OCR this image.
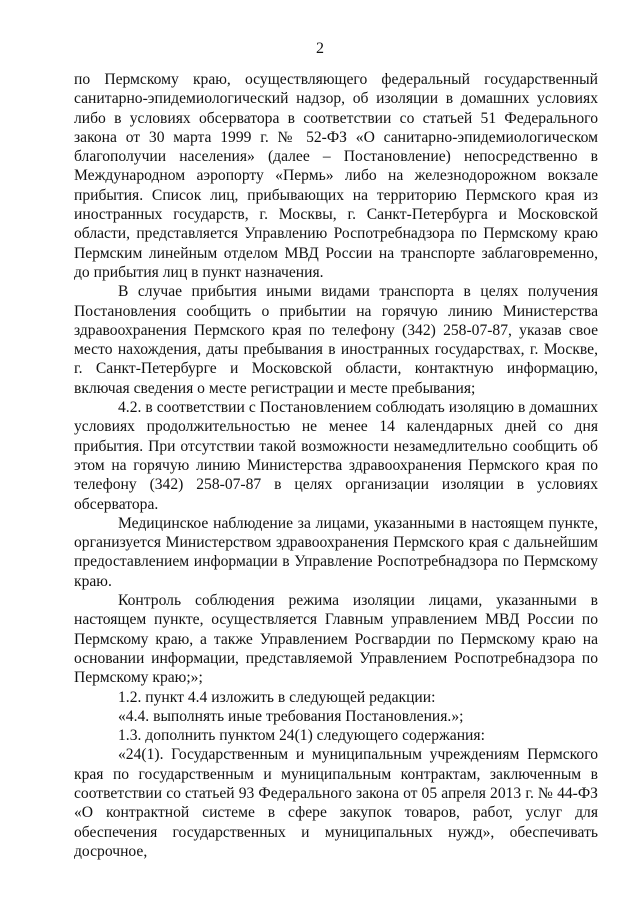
2

по Пермскому краю, осуществляющего федеральный государственный санитарно-эпидемиологический надзор, об изоляции в домашних условиях либо в условиях обсерватора в соответствии со статьей 51 Федерального закона от 30 марта 1999 г. № 52-ФЗ «О санитарно-эпидемиологическом благополучии населения» (далее – Постановление) непосредственно в Международном аэропорту «Пермь» либо на железнодорожном вокзале прибытия. Список лиц, прибывающих на территорию Пермского края из иностранных государств, г. Москвы, г. Санкт-Петербурга и Московской области, представляется Управлению Роспотребнадзора по Пермскому краю Пермским линейным отделом МВД России на транспорте заблаговременно, до прибытия лиц в пункт назначения.

В случае прибытия иными видами транспорта в целях получения Постановления сообщить о прибытии на горячую линию Министерства здравоохранения Пермского края по телефону (342) 258-07-87, указав свое место нахождения, даты пребывания в иностранных государствах, г. Москве, г. Санкт-Петербурге и Московской области, контактную информацию, включая сведения о месте регистрации и месте пребывания;

4.2. в соответствии с Постановлением соблюдать изоляцию в домашних условиях продолжительностью не менее 14 календарных дней со дня прибытия. При отсутствии такой возможности незамедлительно сообщить об этом на горячую линию Министерства здравоохранения Пермского края по телефону (342) 258-07-87 в целях организации изоляции в условиях обсерватора.

Медицинское наблюдение за лицами, указанными в настоящем пункте, организуется Министерством здравоохранения Пермского края с дальнейшим предоставлением информации в Управление Роспотребнадзора по Пермскому краю.

Контроль соблюдения режима изоляции лицами, указанными в настоящем пункте, осуществляется Главным управлением МВД России по Пермскому краю, а также Управлением Росгвардии по Пермскому краю на основании информации, представляемой Управлением Роспотребнадзора по Пермскому краю;»;

1.2. пункт 4.4 изложить в следующей редакции:

«4.4. выполнять иные требования Постановления.»;

1.3. дополнить пунктом 24(1) следующего содержания:

«24(1). Государственным и муниципальным учреждениям Пермского края по государственным и муниципальным контрактам, заключенным в соответствии со статьей 93 Федерального закона от 05 апреля 2013 г. № 44-ФЗ «О контрактной системе в сфере закупок товаров, работ, услуг для обеспечения государственных и муниципальных нужд», обеспечивать досрочное,
